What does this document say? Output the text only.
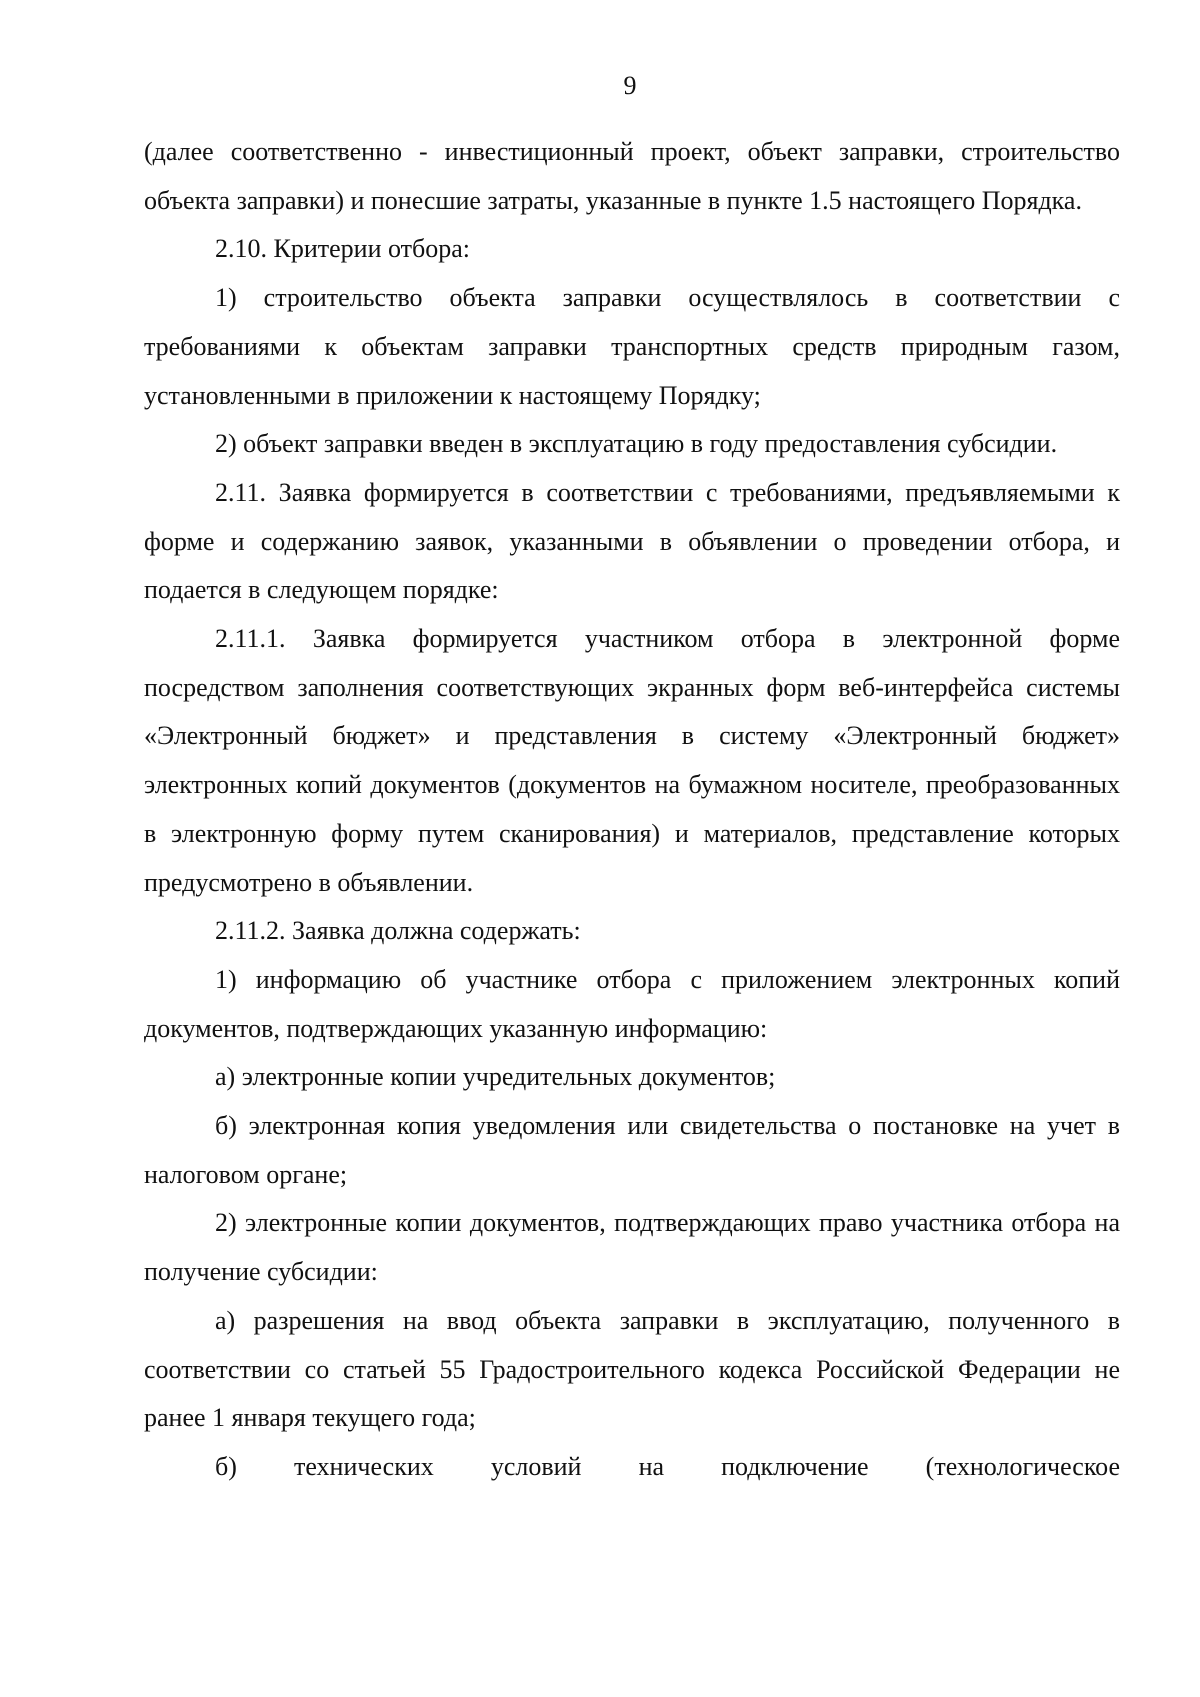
9

(далее соответственно - инвестиционный проект, объект заправки, строительство объекта заправки) и понесшие затраты, указанные в пункте 1.5 настоящего Порядка.

2.10. Критерии отбора:

1) строительство объекта заправки осуществлялось в соответствии с требованиями к объектам заправки транспортных средств природным газом, установленными в приложении к настоящему Порядку;

2) объект заправки введен в эксплуатацию в году предоставления субсидии.

2.11. Заявка формируется в соответствии с требованиями, предъявляемыми к форме и содержанию заявок, указанными в объявлении о проведении отбора, и подается в следующем порядке:

2.11.1. Заявка формируется участником отбора в электронной форме посредством заполнения соответствующих экранных форм веб-интерфейса системы «Электронный бюджет» и представления в систему «Электронный бюджет» электронных копий документов (документов на бумажном носителе, преобразованных в электронную форму путем сканирования) и материалов, представление которых предусмотрено в объявлении.

2.11.2. Заявка должна содержать:

1) информацию об участнике отбора с приложением электронных копий документов, подтверждающих указанную информацию:

а) электронные копии учредительных документов;

б) электронная копия уведомления или свидетельства о постановке на учет в налоговом органе;

2) электронные копии документов, подтверждающих право участника отбора на получение субсидии:

а) разрешения на ввод объекта заправки в эксплуатацию, полученного в соответствии со статьей 55 Градостроительного кодекса Российской Федерации не ранее 1 января текущего года;

б) технических условий на подключение (технологическое
